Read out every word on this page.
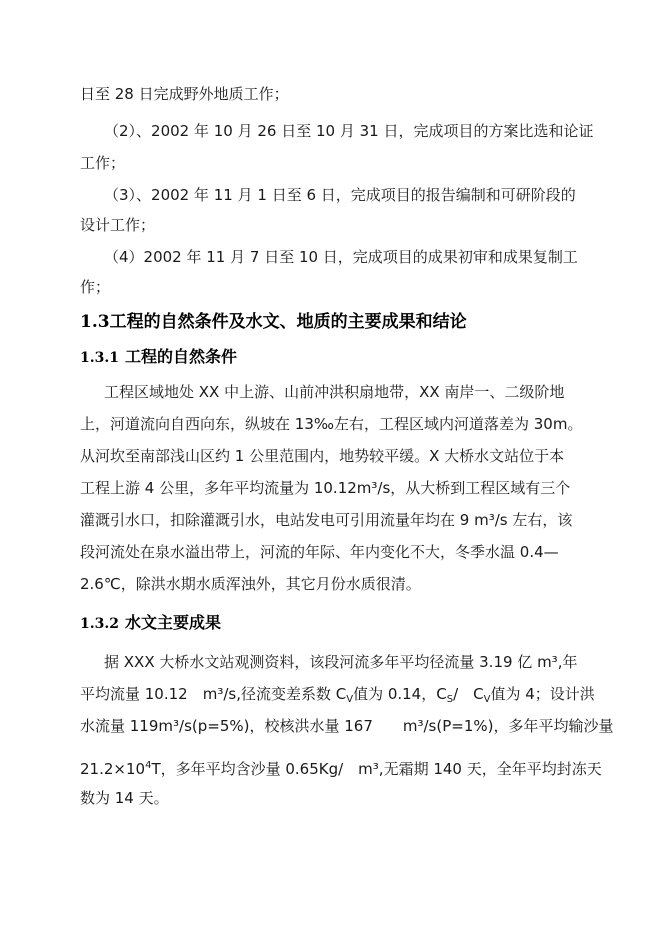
日至 28 日完成野外地质工作；
（2）、2002 年 10 月 26 日至 10 月 31 日，完成项目的方案比选和论证
工作；
（3）、2002 年 11 月 1 日至 6 日，完成项目的报告编制和可研阶段的
设计工作；
（4）2002 年 11 月 7 日至 10 日，完成项目的成果初审和成果复制工
作；
1.3工程的自然条件及水文、地质的主要成果和结论
1.3.1 工程的自然条件
工程区域地处 XX 中上游、山前冲洪积扇地带，XX 南岸一、二级阶地
上，河道流向自西向东，纵坡在 13‰左右，工程区域内河道落差为 30m。
从河坎至南部浅山区约 1 公里范围内，地势较平缓。X 大桥水文站位于本
工程上游 4 公里，多年平均流量为 10.12m³/s，从大桥到工程区域有三个
灌溉引水口，扣除灌溉引水，电站发电可引用流量年均在 9 m³/s 左右，该
段河流处在泉水溢出带上，河流的年际、年内变化不大，冬季水温 0.4—
2.6℃，除洪水期水质浑浊外，其它月份水质很清。
1.3.2 水文主要成果
据 XXX 大桥水文站观测资料，该段河流多年平均径流量 3.19 亿 m³,年
平均流量 10.12　m³/s,径流变差系数 $C_V$值为 0.14，$C_S/$　$C_V$值为 4；设计洪
水流量 119m³/s(p=5%)，校核洪水量 167　　m³/s(P=1%)，多年平均输沙量
$21.2\times 10^4T$，多年平均含沙量 0.65Kg/　m³,无霜期 140 天，全年平均封冻天
数为 14 天。
